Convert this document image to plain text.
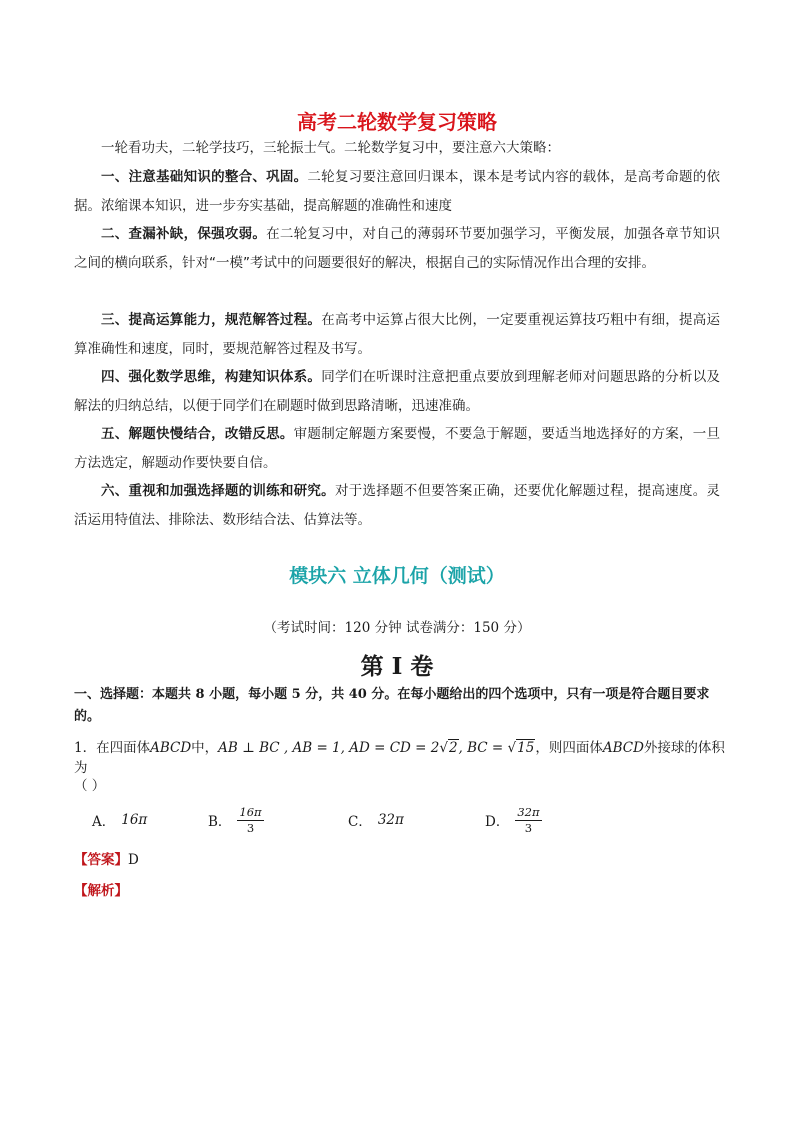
高考二轮数学复习策略

一轮看功夫，二轮学技巧，三轮振士气。二轮数学复习中，要注意六大策略：

一、注意基础知识的整合、巩固。二轮复习要注意回归课本，课本是考试内容的载体，是高考命题的依据。浓缩课本知识，进一步夯实基础，提高解题的准确性和速度

二、查漏补缺，保强攻弱。在二轮复习中，对自己的薄弱环节要加强学习，平衡发展，加强各章节知识之间的横向联系，针对“一模”考试中的问题要很好的解决，根据自己的实际情况作出合理的安排。

三、提高运算能力，规范解答过程。在高考中运算占很大比例，一定要重视运算技巧粗中有细，提高运算准确性和速度，同时，要规范解答过程及书写。

四、强化数学思维，构建知识体系。同学们在听课时注意把重点要放到理解老师对问题思路的分析以及解法的归纳总结，以便于同学们在刷题时做到思路清晰，迅速准确。

五、解题快慢结合，改错反思。审题制定解题方案要慢，不要急于解题，要适当地选择好的方案，一旦方法选定，解题动作要快要自信。

六、重视和加强选择题的训练和研究。对于选择题不但要答案正确，还要优化解题过程，提高速度。灵活运用特值法、排除法、数形结合法、估算法等。

模块六 立体几何（测试）
（考试时间：120 分钟 试卷满分：150 分）
第 I 卷
一、选择题：本题共 8 小题，每小题 5 分，共 40 分。在每小题给出的四个选项中，只有一项是符合题目要求的。
1．在四面体ABCD中，AB ⊥ BC , AB = 1, AD = CD = 2√2, BC = √15，则四面体ABCD外接球的体积为
（ ）
A． 16π	B． $\frac{16\pi}{3}$	C． 32π	D． $\frac{32\pi}{3}$
【答案】D
【解析】
